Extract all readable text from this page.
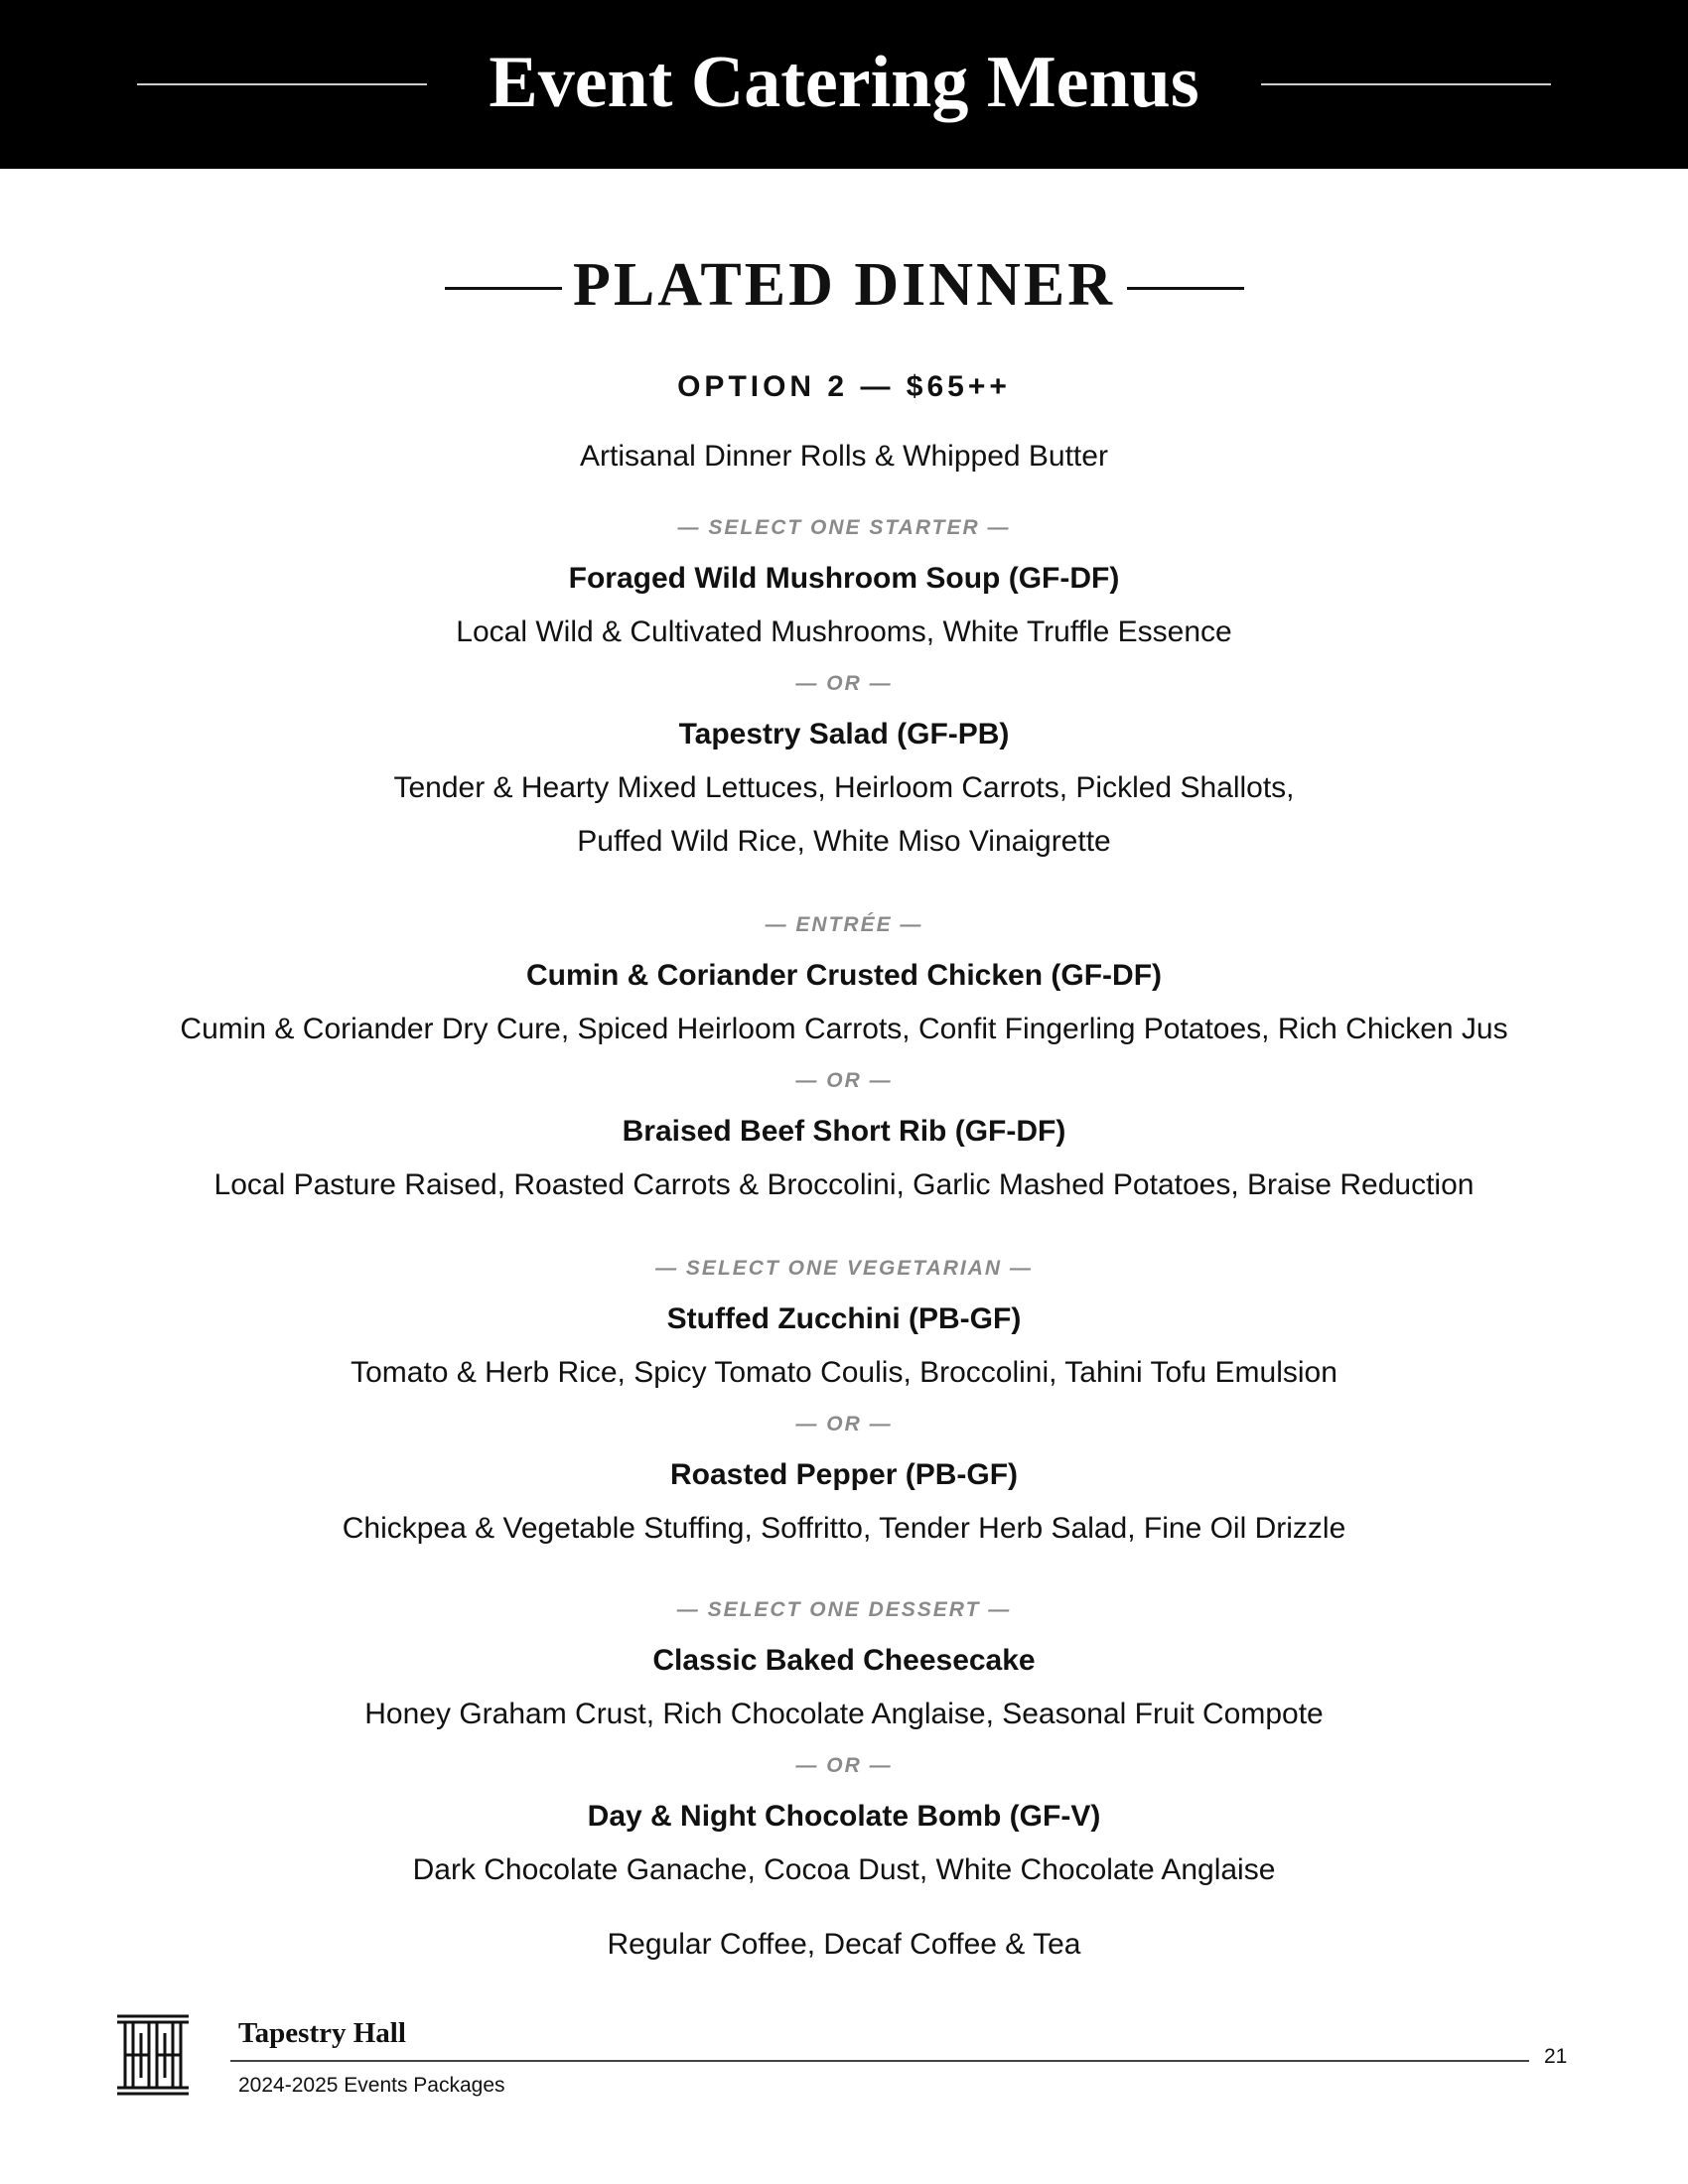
Event Catering Menus
PLATED DINNER
OPTION 2 — $65++
Artisanal Dinner Rolls & Whipped Butter
— SELECT ONE STARTER —
Foraged Wild Mushroom Soup (GF-DF)
Local Wild & Cultivated Mushrooms, White Truffle Essence
— OR —
Tapestry Salad (GF-PB)
Tender & Hearty Mixed Lettuces, Heirloom Carrots, Pickled Shallots,
Puffed Wild Rice, White Miso Vinaigrette
— ENTRÉE —
Cumin & Coriander Crusted Chicken (GF-DF)
Cumin & Coriander Dry Cure, Spiced Heirloom Carrots, Confit Fingerling Potatoes, Rich Chicken Jus
— OR —
Braised Beef Short Rib (GF-DF)
Local Pasture Raised, Roasted Carrots & Broccolini, Garlic Mashed Potatoes, Braise Reduction
— SELECT ONE VEGETARIAN —
Stuffed Zucchini (PB-GF)
Tomato & Herb Rice, Spicy Tomato Coulis, Broccolini, Tahini Tofu Emulsion
— OR —
Roasted Pepper (PB-GF)
Chickpea & Vegetable Stuffing, Soffritto, Tender Herb Salad, Fine Oil Drizzle
— SELECT ONE DESSERT —
Classic Baked Cheesecake
Honey Graham Crust, Rich Chocolate Anglaise, Seasonal Fruit Compote
— OR —
Day & Night Chocolate Bomb (GF-V)
Dark Chocolate Ganache, Cocoa Dust, White Chocolate Anglaise
Regular Coffee, Decaf Coffee & Tea
Tapestry Hall
2024-2025 Events Packages
21
